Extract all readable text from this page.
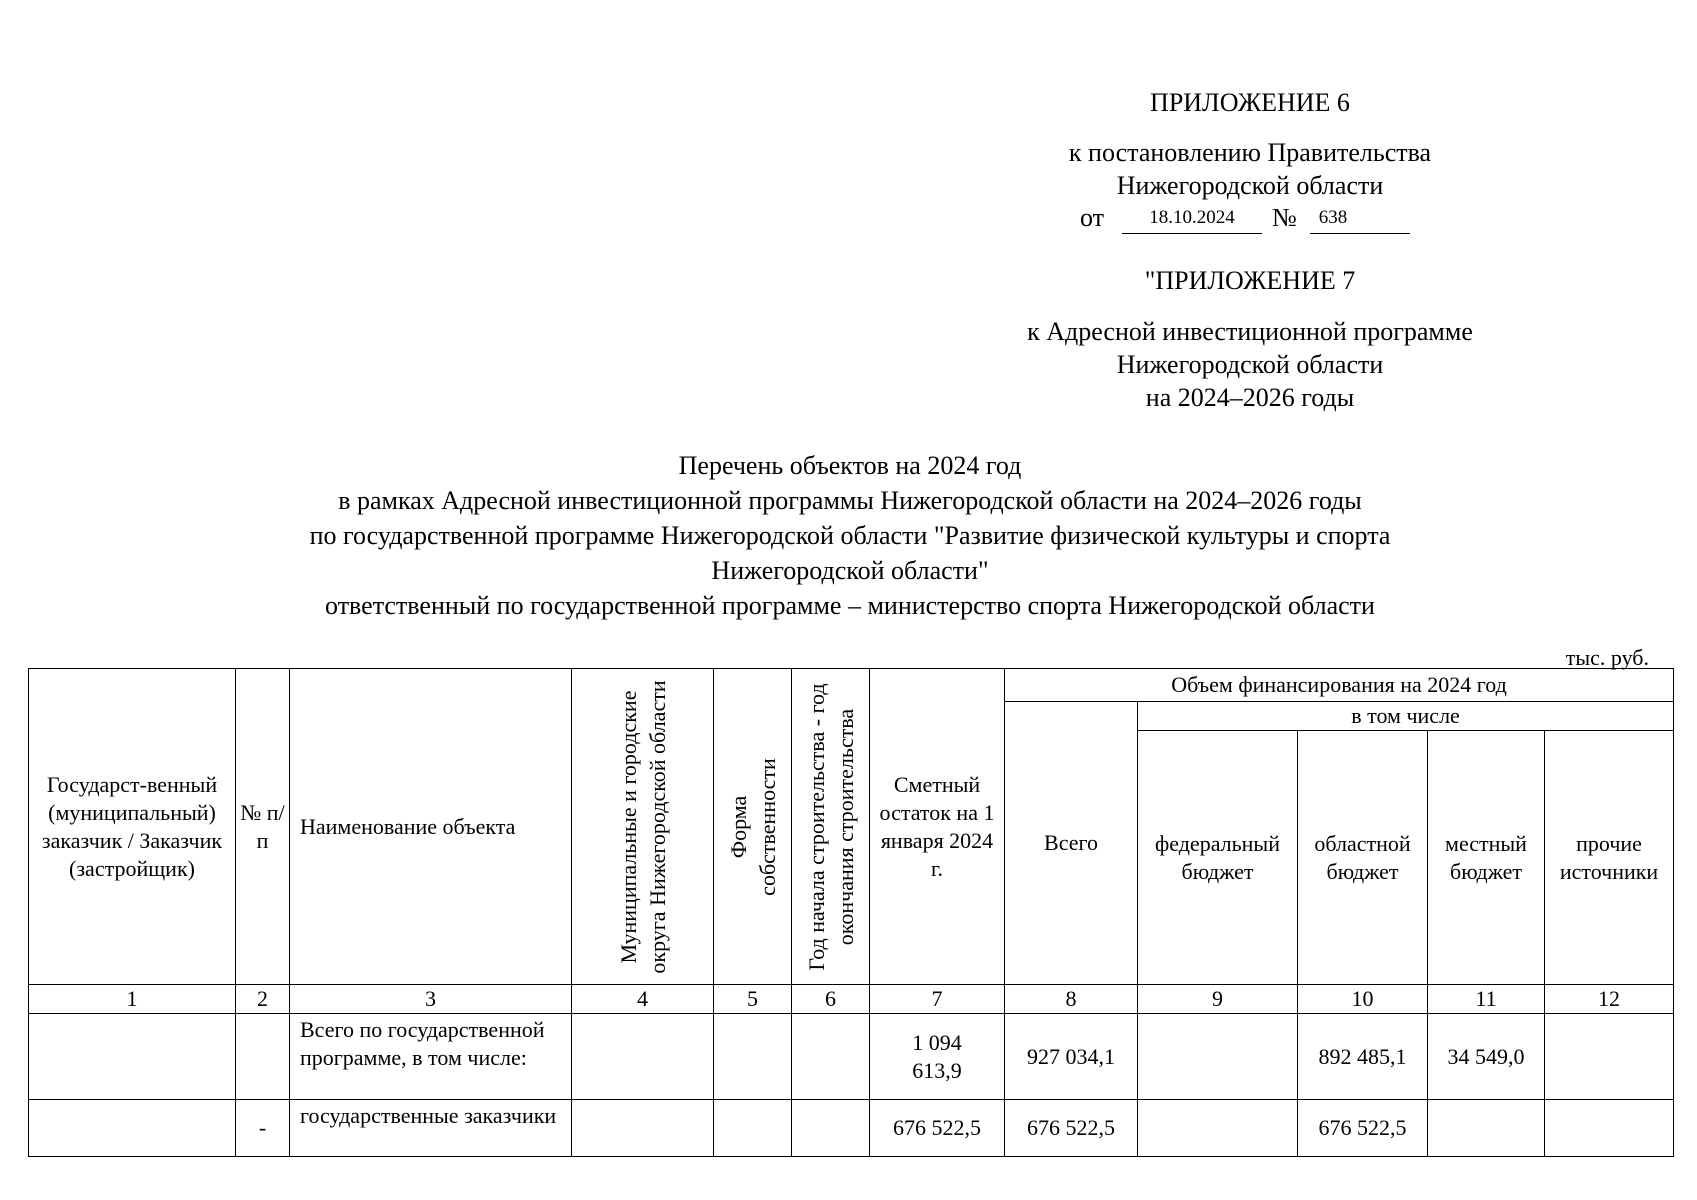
ПРИЛОЖЕНИЕ 6
к постановлению Правительства
Нижегородской области
от	18.10.2024	№	638
"ПРИЛОЖЕНИЕ 7
к Адресной инвестиционной программе
Нижегородской области
на 2024–2026 годы
Перечень объектов на 2024 год
в рамках Адресной инвестиционной программы Нижегородской области на 2024–2026 годы
по государственной программе Нижегородской области "Развитие физической культуры и спорта
Нижегородской области"
ответственный по государственной программе – министерство спорта Нижегородской области
тыс. руб.
Государст-венный (муниципальный) заказчик / Заказчик (застройщик)	№ п/п	Наименование объекта	Муниципальные и городские округа Нижегородской области	Форма собственности	Год начала строительства - год окончания строительства	Сметный остаток на 1 января 2024 г.	Объем финансирования на 2024 год				
							Всего	в том числе			
								федеральный бюджет	областной бюджет	местный бюджет	прочие источники
1	2	3	4	5	6	7	8	9	10	11	12
		Всего по государственной программе, в том числе:				1 094 613,9	927 034,1		892 485,1	34 549,0	
	-	государственные заказчики				676 522,5	676 522,5		676 522,5		
